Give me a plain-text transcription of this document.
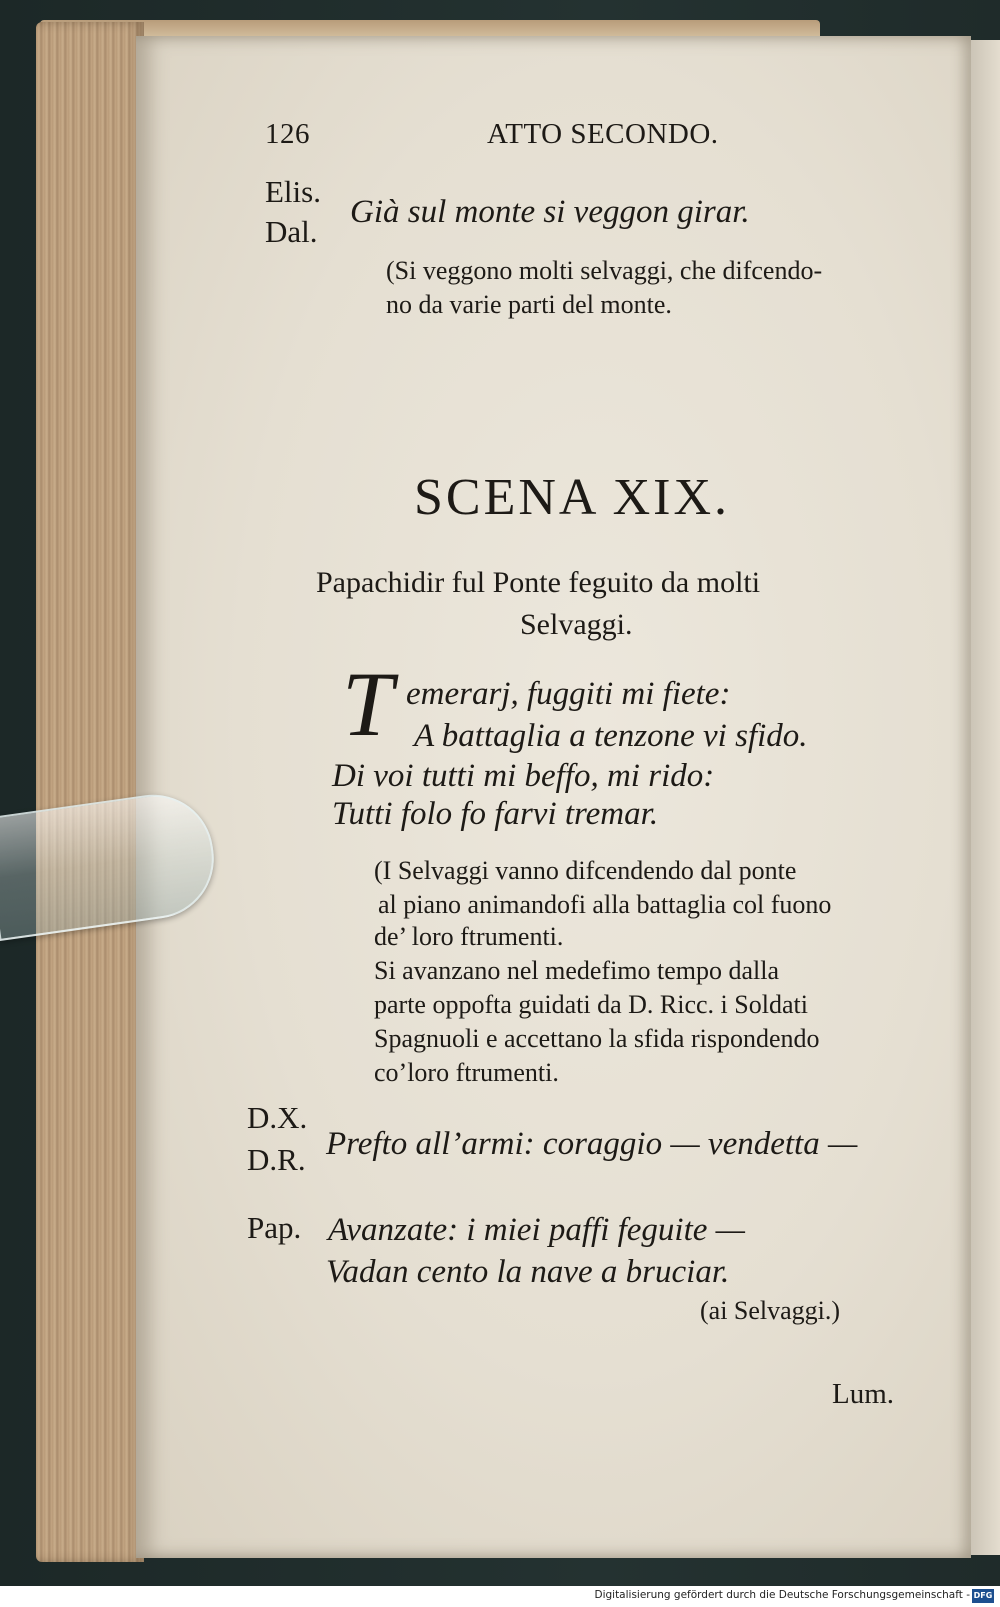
126	ATTO SECONDO.
Elis.
Dal.
Già sul monte si veggon girar.
(Si veggono molti selvaggi, che difcendo-
no da varie parti del monte.
SCENA XIX.
Papachidir ful Ponte feguito da molti
Selvaggi.
T emerarj, fuggiti mi fiete:
A battaglia a tenzone vi sfido.
Di voi tutti mi beffo, mi rido:
Tutti folo fo farvi tremar.
(I Selvaggi vanno difcendendo dal ponte
al piano animandofi alla battaglia col fuono
de’ loro ftrumenti.
Si avanzano nel medefimo tempo dalla
parte oppofta guidati da D. Ricc. i Soldati
Spagnuoli e accettano la sfida rispondendo
co’loro ftrumenti.
D.X.
D.R. Prefto all’armi: coraggio — vendetta —
Pap. Avanzate: i miei paffi feguite —
Vadan cento la nave a bruciar.
(ai Selvaggi.)
Lum.
Digitalisierung gefördert durch die Deutsche Forschungsgemeinschaft - DFG
